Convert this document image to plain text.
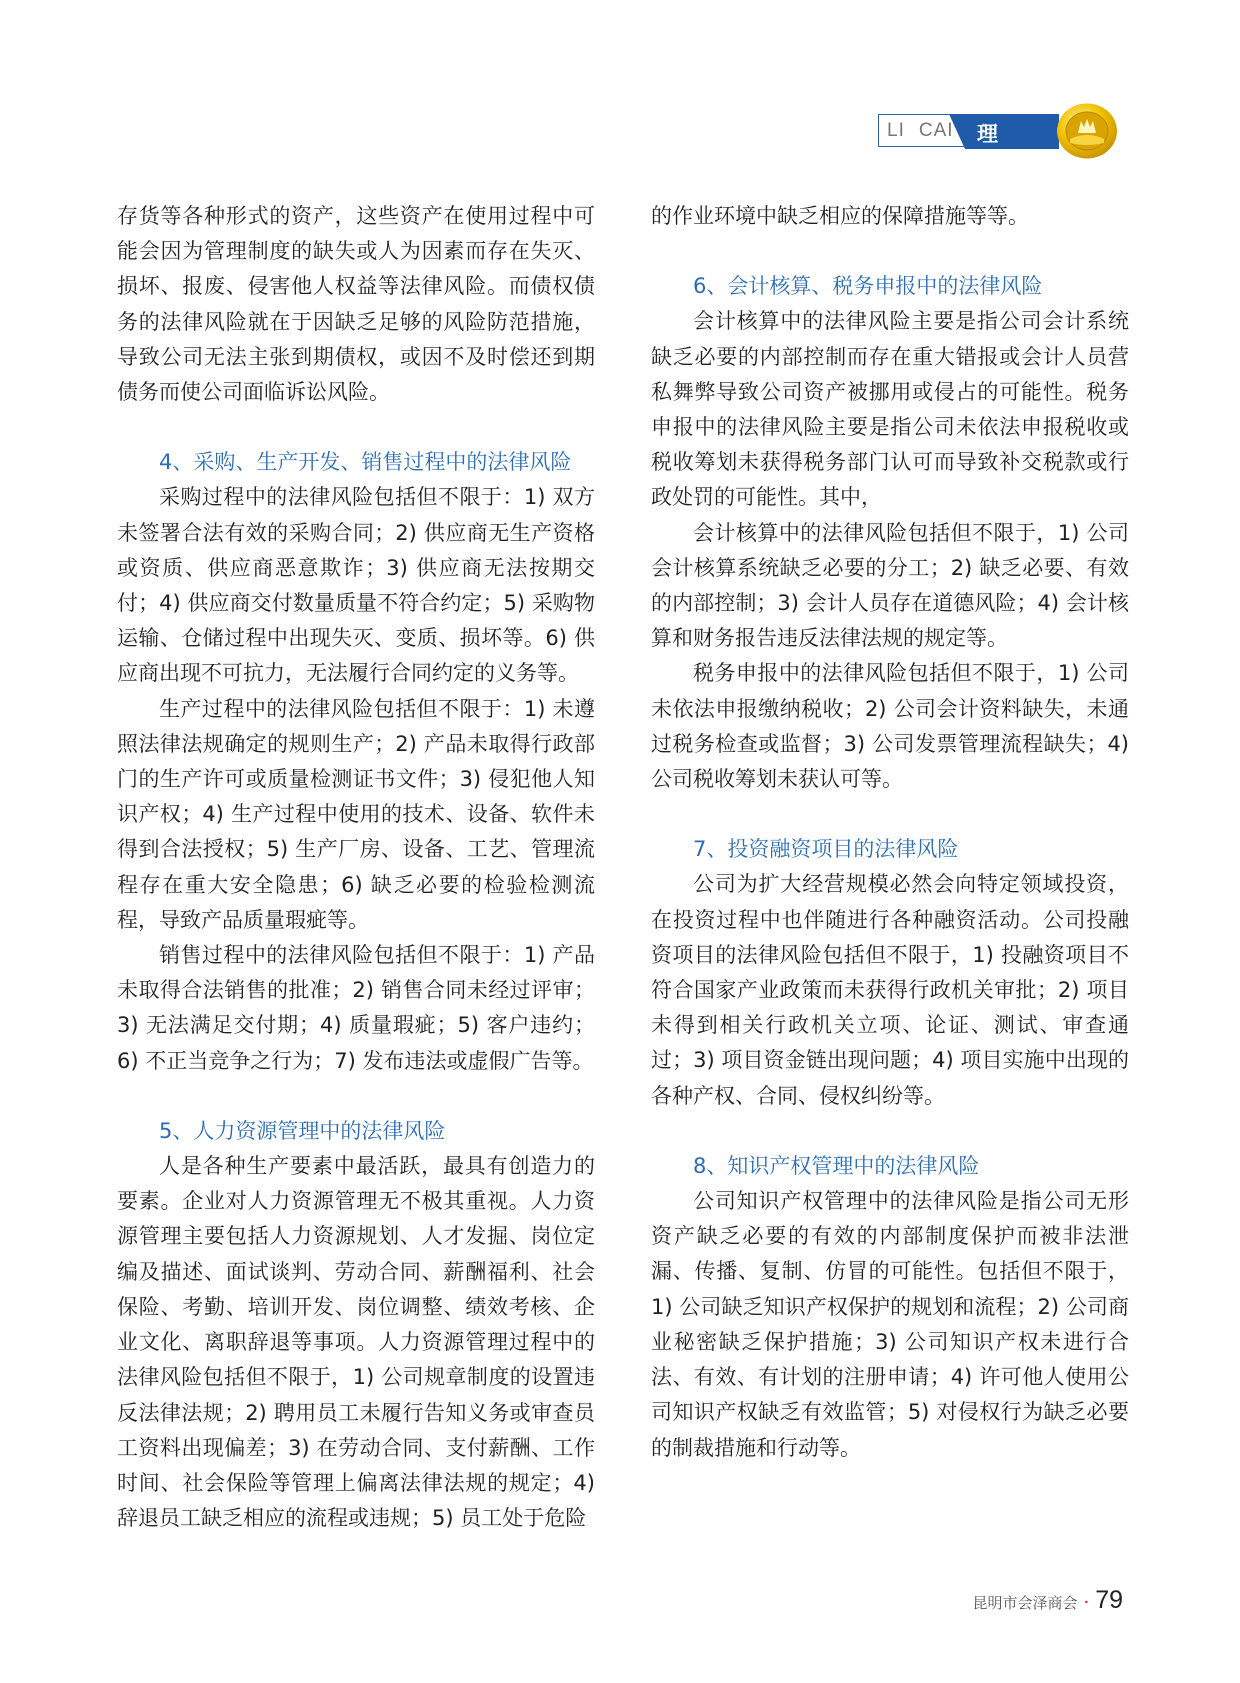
LI CAI 理 财

存货等各种形式的资产，这些资产在使用过程中可能会因为管理制度的缺失或人为因素而存在失灭、损坏、报废、侵害他人权益等法律风险。而债权债务的法律风险就在于因缺乏足够的风险防范措施，导致公司无法主张到期债权，或因不及时偿还到期债务而使公司面临诉讼风险。

4、采购、生产开发、销售过程中的法律风险

采购过程中的法律风险包括但不限于：1) 双方未签署合法有效的采购合同；2) 供应商无生产资格或资质、供应商恶意欺诈；3) 供应商无法按期交付；4) 供应商交付数量质量不符合约定；5) 采购物运输、仓储过程中出现失灭、变质、损坏等。6) 供应商出现不可抗力，无法履行合同约定的义务等。

生产过程中的法律风险包括但不限于：1) 未遵照法律法规确定的规则生产；2) 产品未取得行政部门的生产许可或质量检测证书文件；3) 侵犯他人知识产权；4) 生产过程中使用的技术、设备、软件未得到合法授权；5) 生产厂房、设备、工艺、管理流程存在重大安全隐患；6) 缺乏必要的检验检测流程，导致产品质量瑕疵等。

销售过程中的法律风险包括但不限于：1) 产品未取得合法销售的批准；2) 销售合同未经过评审；3) 无法满足交付期；4) 质量瑕疵；5) 客户违约；6) 不正当竞争之行为；7) 发布违法或虚假广告等。

5、人力资源管理中的法律风险

人是各种生产要素中最活跃，最具有创造力的要素。企业对人力资源管理无不极其重视。人力资源管理主要包括人力资源规划、人才发掘、岗位定编及描述、面试谈判、劳动合同、薪酬福利、社会保险、考勤、培训开发、岗位调整、绩效考核、企业文化、离职辞退等事项。人力资源管理过程中的法律风险包括但不限于，1) 公司规章制度的设置违反法律法规；2) 聘用员工未履行告知义务或审查员工资料出现偏差；3) 在劳动合同、支付薪酬、工作时间、社会保险等管理上偏离法律法规的规定；4) 辞退员工缺乏相应的流程或违规；5) 员工处于危险

的作业环境中缺乏相应的保障措施等等。

6、会计核算、税务申报中的法律风险

会计核算中的法律风险主要是指公司会计系统缺乏必要的内部控制而存在重大错报或会计人员营私舞弊导致公司资产被挪用或侵占的可能性。税务申报中的法律风险主要是指公司未依法申报税收或税收筹划未获得税务部门认可而导致补交税款或行政处罚的可能性。其中，

会计核算中的法律风险包括但不限于，1) 公司会计核算系统缺乏必要的分工；2) 缺乏必要、有效的内部控制；3) 会计人员存在道德风险；4) 会计核算和财务报告违反法律法规的规定等。

税务申报中的法律风险包括但不限于，1) 公司未依法申报缴纳税收；2) 公司会计资料缺失，未通过税务检查或监督；3) 公司发票管理流程缺失；4) 公司税收筹划未获认可等。

7、投资融资项目的法律风险

公司为扩大经营规模必然会向特定领域投资，在投资过程中也伴随进行各种融资活动。公司投融资项目的法律风险包括但不限于，1) 投融资项目不符合国家产业政策而未获得行政机关审批；2) 项目未得到相关行政机关立项、论证、测试、审查通过；3) 项目资金链出现问题；4) 项目实施中出现的各种产权、合同、侵权纠纷等。

8、知识产权管理中的法律风险

公司知识产权管理中的法律风险是指公司无形资产缺乏必要的有效的内部制度保护而被非法泄漏、传播、复制、仿冒的可能性。包括但不限于，1) 公司缺乏知识产权保护的规划和流程；2) 公司商业秘密缺乏保护措施；3) 公司知识产权未进行合法、有效、有计划的注册申请；4) 许可他人使用公司知识产权缺乏有效监管；5) 对侵权行为缺乏必要的制裁措施和行动等。

昆明市会泽商会 · 79
